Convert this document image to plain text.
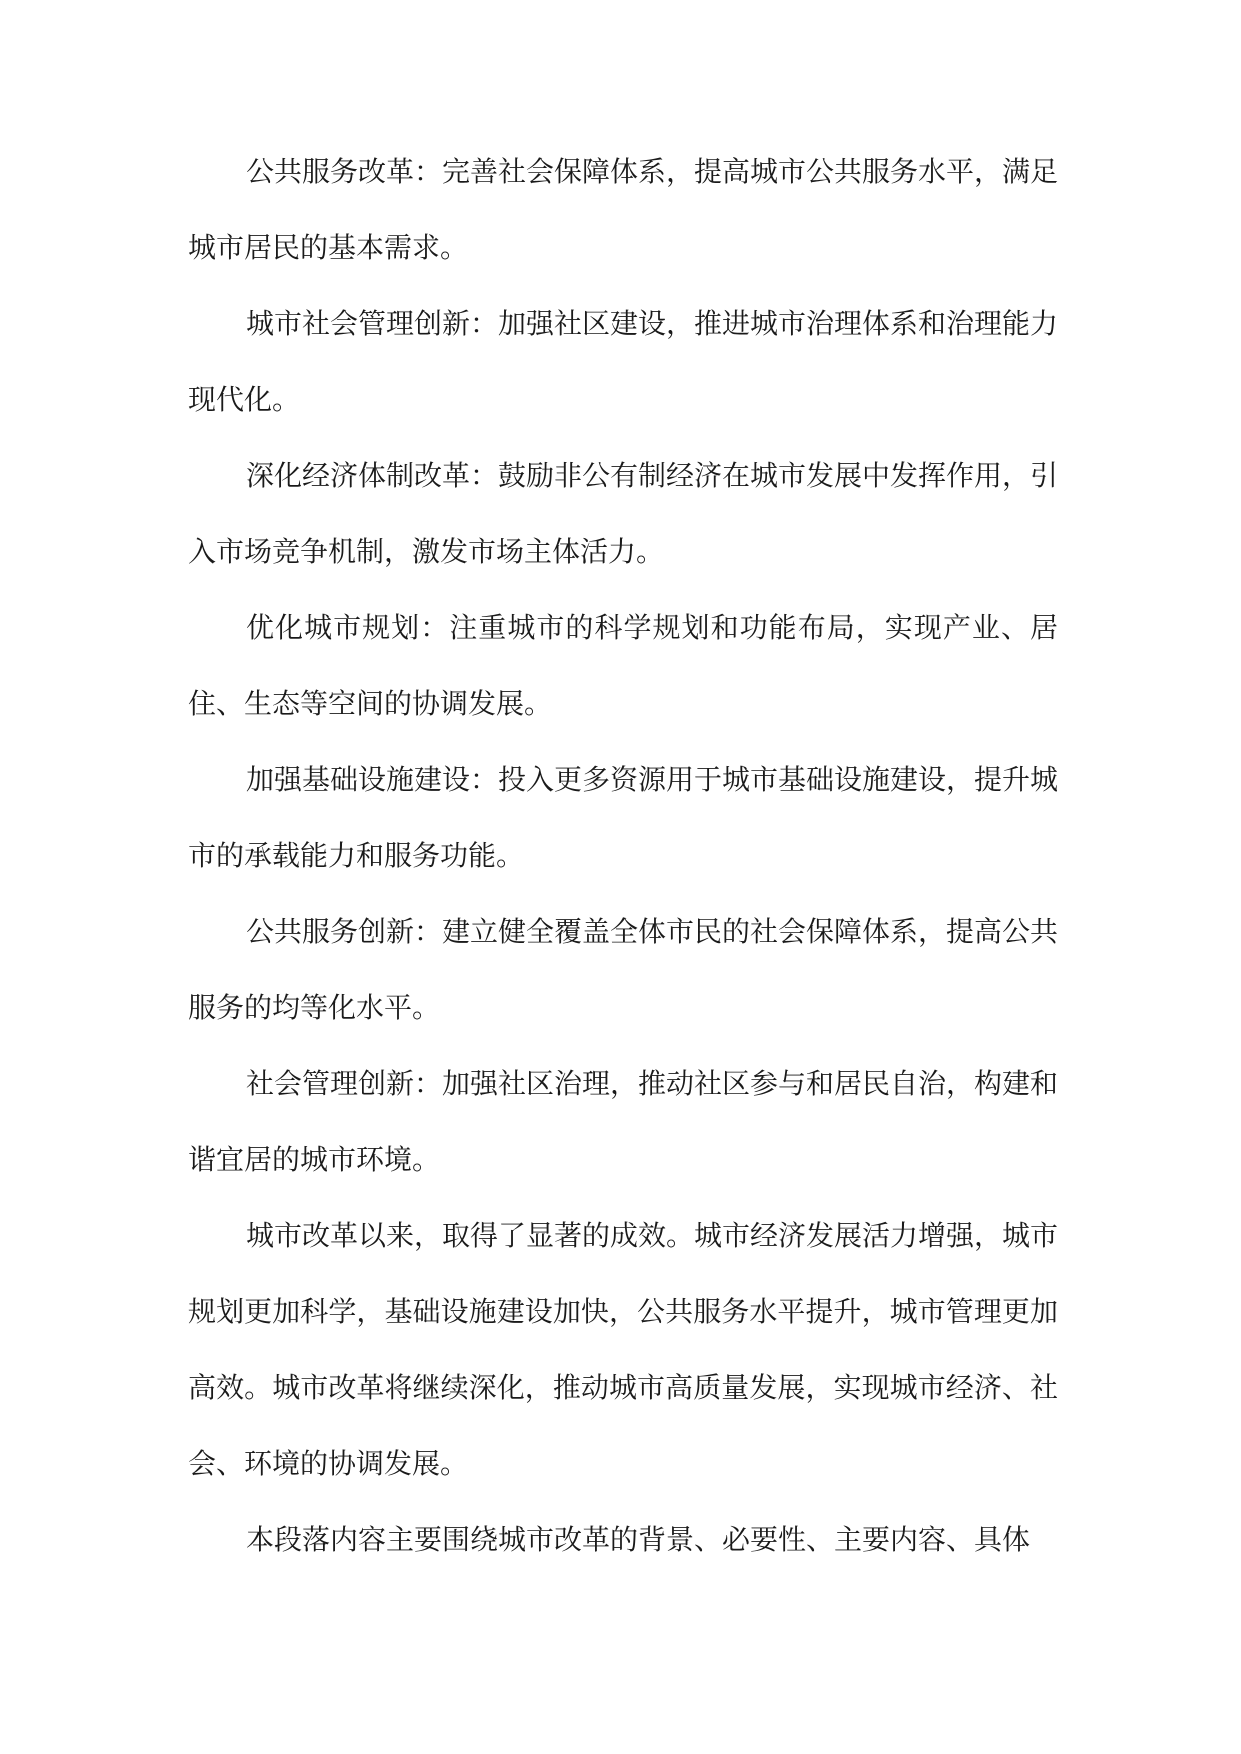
公共服务改革：完善社会保障体系，提高城市公共服务水平，满足城市居民的基本需求。

城市社会管理创新：加强社区建设，推进城市治理体系和治理能力现代化。

深化经济体制改革：鼓励非公有制经济在城市发展中发挥作用，引入市场竞争机制，激发市场主体活力。

优化城市规划：注重城市的科学规划和功能布局，实现产业、居住、生态等空间的协调发展。

加强基础设施建设：投入更多资源用于城市基础设施建设，提升城市的承载能力和服务功能。

公共服务创新：建立健全覆盖全体市民的社会保障体系，提高公共服务的均等化水平。

社会管理创新：加强社区治理，推动社区参与和居民自治，构建和谐宜居的城市环境。

城市改革以来，取得了显著的成效。城市经济发展活力增强，城市规划更加科学，基础设施建设加快，公共服务水平提升，城市管理更加高效。城市改革将继续深化，推动城市高质量发展，实现城市经济、社会、环境的协调发展。

本段落内容主要围绕城市改革的背景、必要性、主要内容、具体
